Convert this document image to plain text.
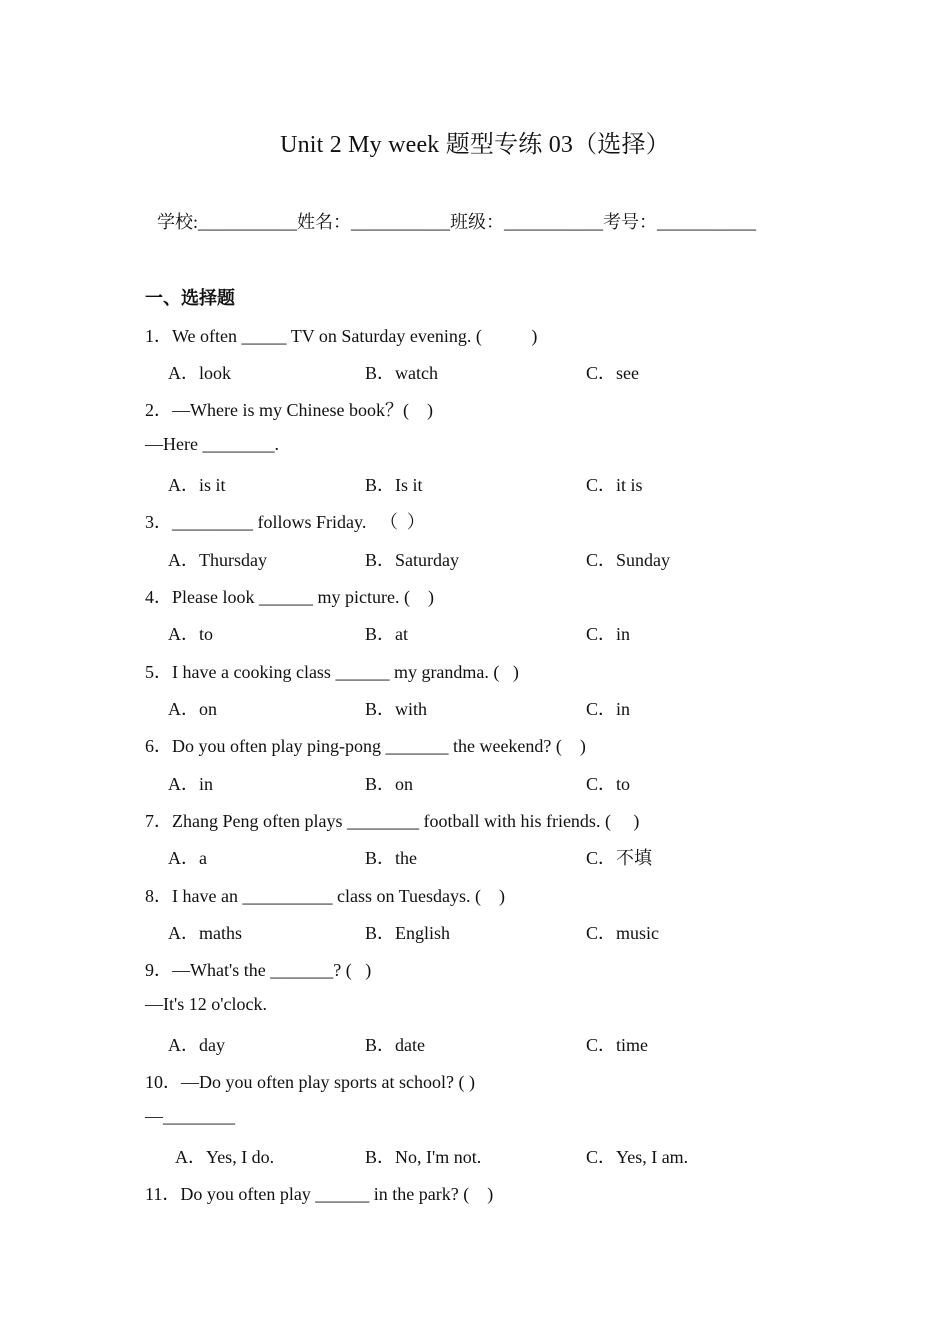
Unit 2 My week 题型专练 03（选择）
学校:___________姓名：___________班级：___________考号：___________
一、选择题
1．We often _____ TV on Saturday evening. (           )
A．look	B．watch	C．see
2．—Where is my Chinese book？(    )
—Here ________.
A．is it	B．Is it	C．it is
3．_________ follows Friday.   （  ）
A．Thursday	B．Saturday	C．Sunday
4．Please look ______ my picture. (    )
A．to	B．at	C．in
5．I have a cooking class ______ my grandma. (   )
A．on	B．with	C．in
6．Do you often play ping-pong _______ the weekend? (    )
A．in	B．on	C．to
7．Zhang Peng often plays ________ football with his friends. (     )
A．a	B．the	C．不填
8．I have an __________ class on Tuesdays. (    )
A．maths	B．English	C．music
9．—What's the _______? (   )
—It's 12 o'clock.
A．day	B．date	C．time
10．—Do you often play sports at school? ( )
—________
A．Yes, I do.	B．No, I'm not.	C．Yes, I am.
11．Do you often play ______ in the park? (    )
